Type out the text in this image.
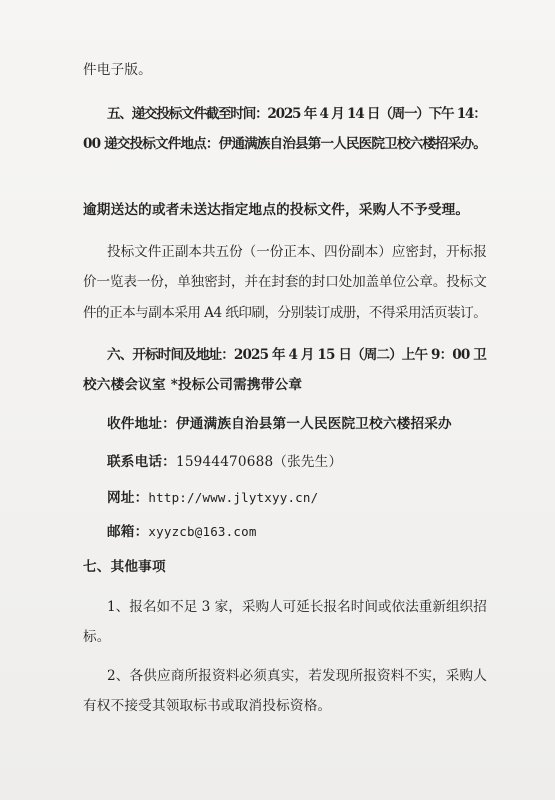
件电子版。
五、递交投标文件截至时间：2025 年 4 月 14 日（周一）下午 14：
00 递交投标文件地点：伊通满族自治县第一人民医院卫校六楼招采办。
逾期送达的或者未送达指定地点的投标文件，采购人不予受理。
投标文件正副本共五份（一份正本、四份副本）应密封，开标报
价一览表一份，单独密封，并在封套的封口处加盖单位公章。投标文
件的正本与副本采用 A4 纸印刷，分别装订成册，不得采用活页装订。
六、开标时间及地址：2025 年 4 月 15 日（周二）上午 9：00 卫
校六楼会议室 *投标公司需携带公章
收件地址：伊通满族自治县第一人民医院卫校六楼招采办
联系电话：15944470688（张先生）
网址：http://www.jlytxyy.cn/
邮箱：xyyzcb@163.com
七、其他事项
1、报名如不足 3 家，采购人可延长报名时间或依法重新组织招
标。
2、各供应商所报资料必须真实，若发现所报资料不实，采购人
有权不接受其领取标书或取消投标资格。
